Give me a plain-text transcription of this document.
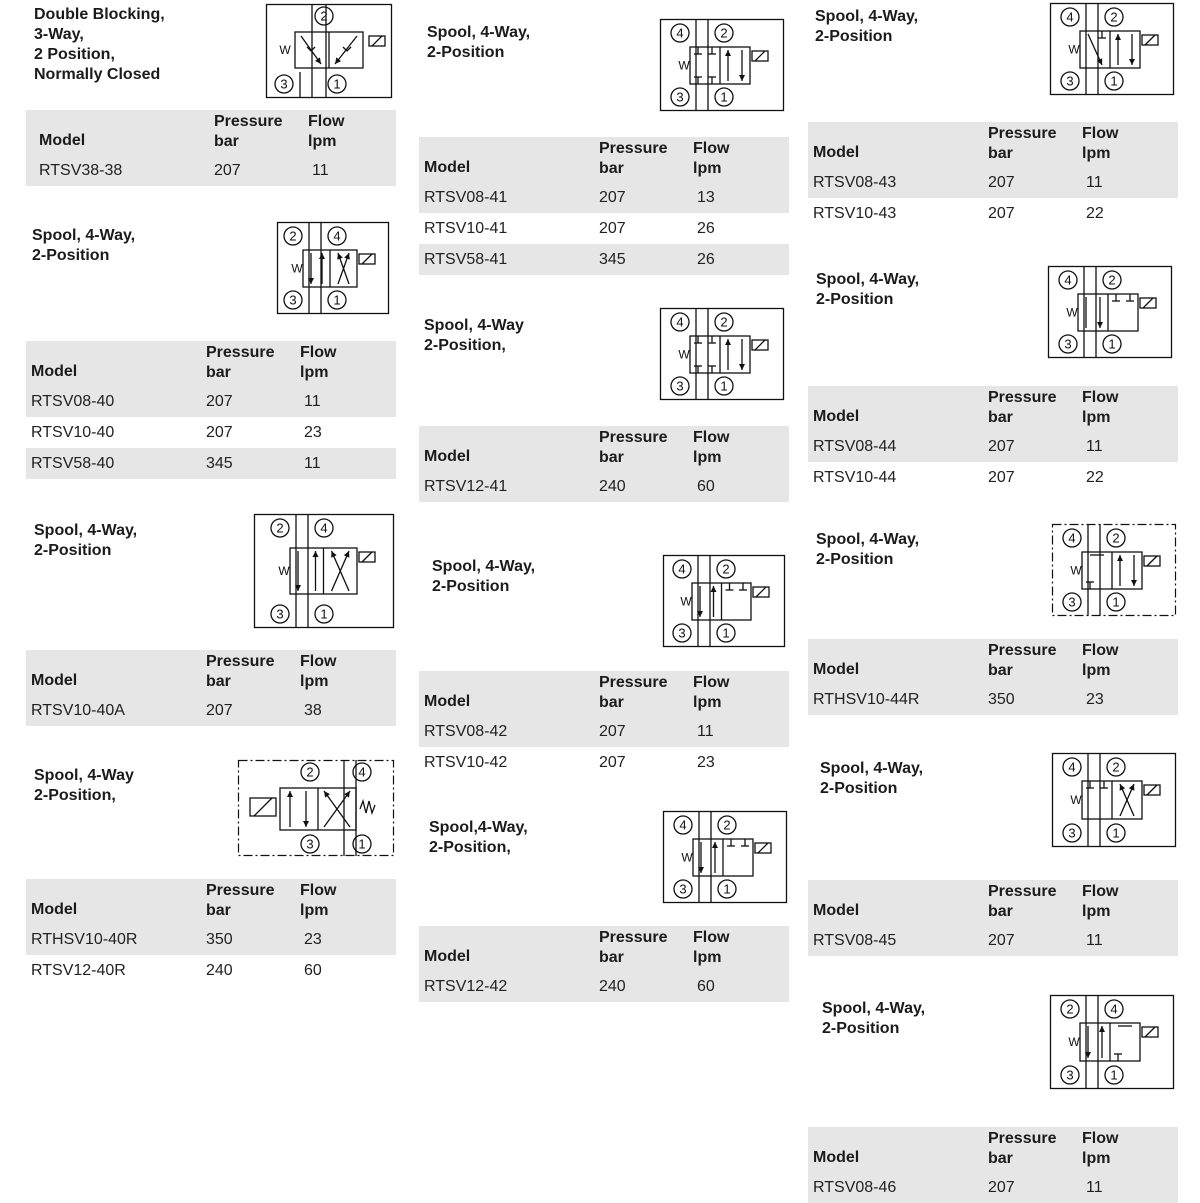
Double Blocking,
3-Way,
2 Position,
Normally Closed
2
3	1
W
Model
Pressure
bar
Flow
lpm
RTSV38-38	207	11
Spool, 4-Way,
2-Position
2	4
3	1
W
Model
Pressure
bar
Flow
lpm
RTSV08-40	207	11
RTSV10-40	207	23
RTSV58-40	345	11
Spool, 4-Way,
2-Position
2	4
3	1
W
Model
Pressure
bar
Flow
lpm
RTSV10-40A	207	38
Spool, 4-Way
2-Position,
2	4
3	1
Model
Pressure
bar
Flow
lpm
RTHSV10-40R	350	23
RTSV12-40R	240	60
Spool, 4-Way,
2-Position
4	2
3	1
W
Model
Pressure
bar
Flow
lpm
RTSV08-41	207	13
RTSV10-41	207	26
RTSV58-41	345	26
Spool, 4-Way
2-Position,
4	2
3	1
W
Model
Pressure
bar
Flow
lpm
RTSV12-41	240	60
Spool, 4-Way,
2-Position
4	2
3	1
W
Model
Pressure
bar
Flow
lpm
RTSV08-42	207	11
RTSV10-42	207	23
Spool,4-Way,
2-Position,
4	2
3	1
W
Model
Pressure
bar
Flow
lpm
RTSV12-42	240	60
Spool, 4-Way,
2-Position
4	2
3	1
W
Model
Pressure
bar
Flow
lpm
RTSV08-43	207	11
RTSV10-43	207	22
Spool, 4-Way,
2-Position
4	2
3	1
W
Model
Pressure
bar
Flow
lpm
RTSV08-44	207	11
RTSV10-44	207	22
Spool, 4-Way,
2-Position
4	2
3	1
W
Model
Pressure
bar
Flow
lpm
RTHSV10-44R	350	23
Spool, 4-Way,
2-Position
4	2
3	1
W
Model
Pressure
bar
Flow
lpm
RTSV08-45	207	11
Spool, 4-Way,
2-Position
2	4
3	1
W
Model
Pressure
bar
Flow
lpm
RTSV08-46	207	11
